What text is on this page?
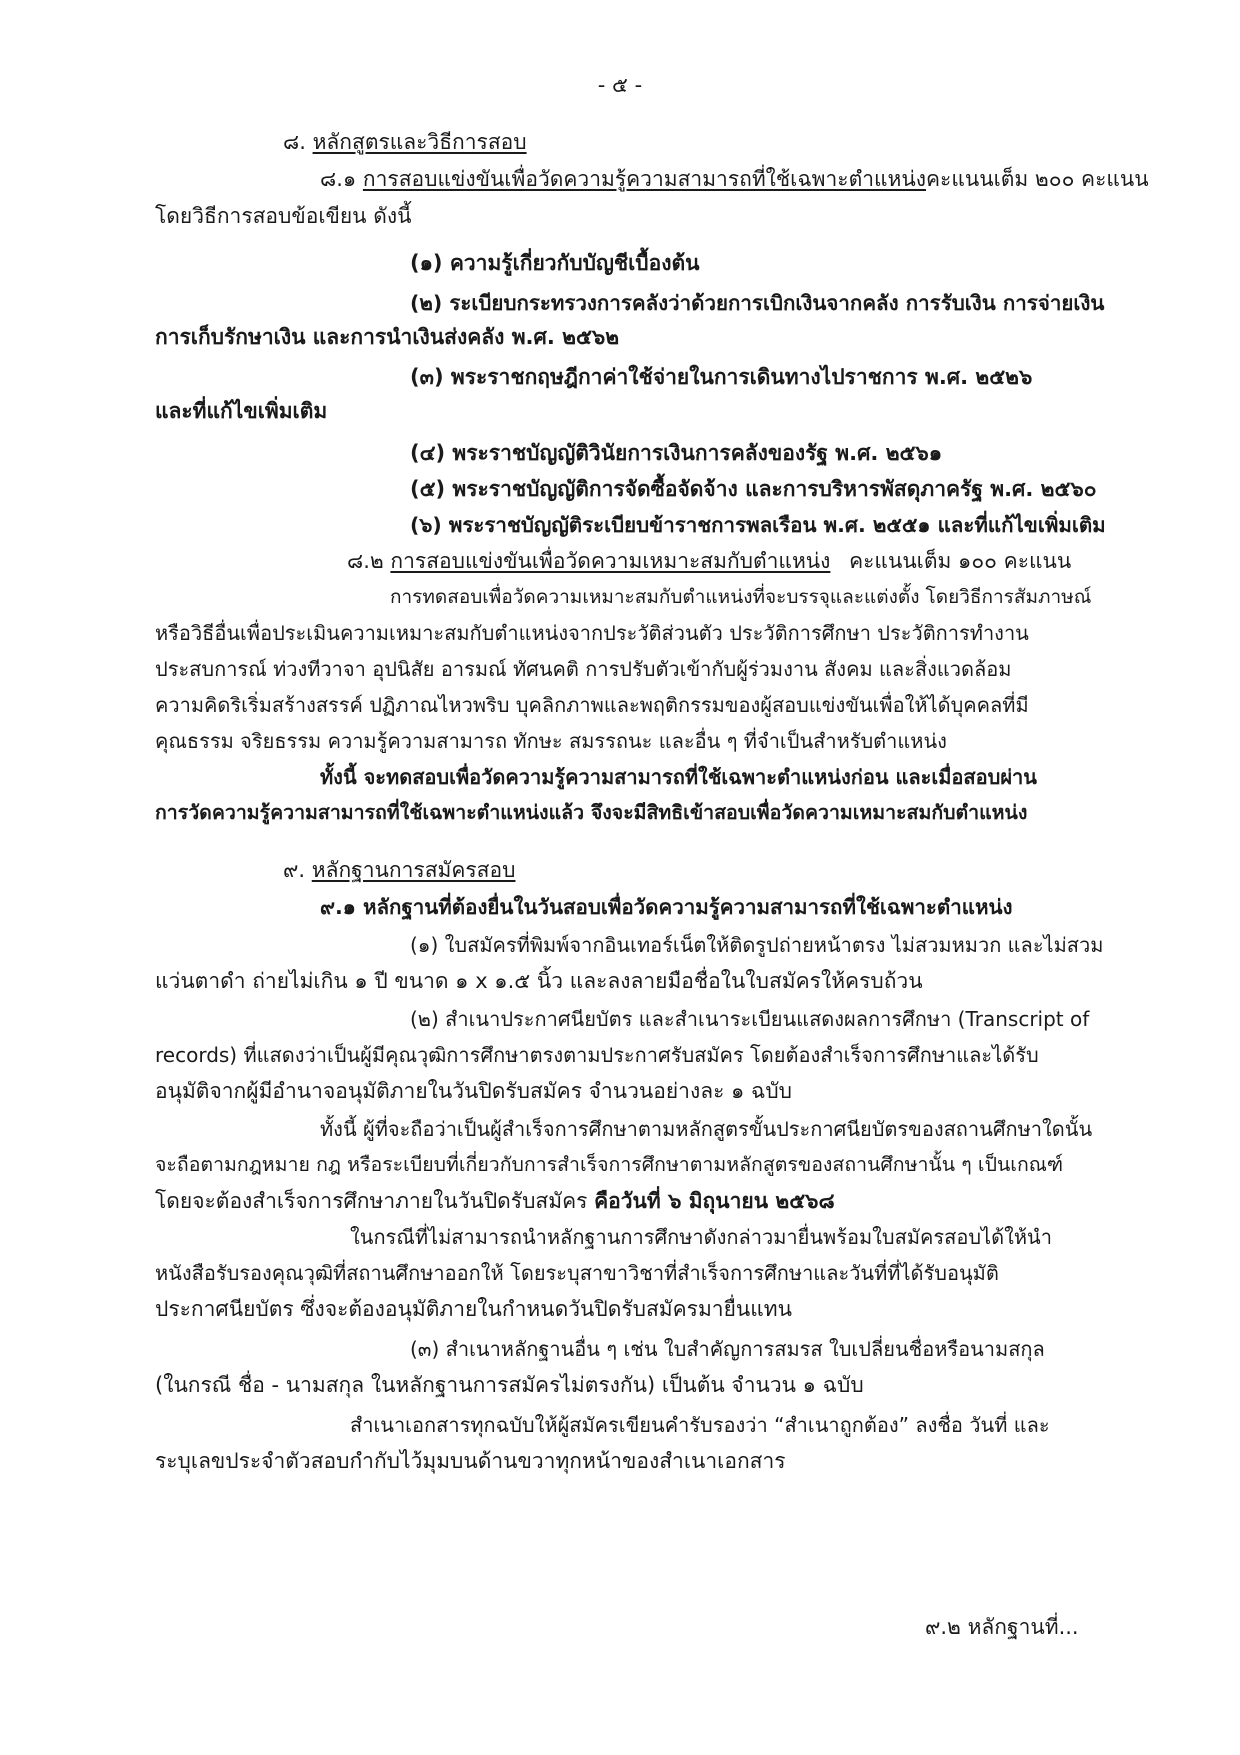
- ๕ -
๘. หลักสูตรและวิธีการสอบ
๘.๑ การสอบแข่งขันเพื่อวัดความรู้ความสามารถที่ใช้เฉพาะตำแหน่ง คะแนนเต็ม ๒๐๐ คะแนน
โดยวิธีการสอบข้อเขียน ดังนี้
(๑) ความรู้เกี่ยวกับบัญชีเบื้องต้น
(๒) ระเบียบกระทรวงการคลังว่าด้วยการเบิกเงินจากคลัง การรับเงิน การจ่ายเงิน
การเก็บรักษาเงิน และการนำเงินส่งคลัง พ.ศ. ๒๕๖๒
(๓) พระราชกฤษฎีกาค่าใช้จ่ายในการเดินทางไปราชการ พ.ศ. ๒๕๒๖
และที่แก้ไขเพิ่มเติม
(๔) พระราชบัญญัติวินัยการเงินการคลังของรัฐ พ.ศ. ๒๕๖๑
(๕) พระราชบัญญัติการจัดซื้อจัดจ้าง และการบริหารพัสดุภาครัฐ พ.ศ. ๒๕๖๐
(๖) พระราชบัญญัติระเบียบข้าราชการพลเรือน พ.ศ. ๒๕๕๑ และที่แก้ไขเพิ่มเติม
๘.๒ การสอบแข่งขันเพื่อวัดความเหมาะสมกับตำแหน่ง คะแนนเต็ม ๑๐๐ คะแนน
การทดสอบเพื่อวัดความเหมาะสมกับตำแหน่งที่จะบรรจุและแต่งตั้ง โดยวิธีการสัมภาษณ์
หรือวิธีอื่นเพื่อประเมินความเหมาะสมกับตำแหน่งจากประวัติส่วนตัว ประวัติการศึกษา ประวัติการทำงาน
ประสบการณ์ ท่วงทีวาจา อุปนิสัย อารมณ์ ทัศนคติ การปรับตัวเข้ากับผู้ร่วมงาน สังคม และสิ่งแวดล้อม
ความคิดริเริ่มสร้างสรรค์ ปฏิภาณไหวพริบ บุคลิกภาพและพฤติกรรมของผู้สอบแข่งขันเพื่อให้ได้บุคคลที่มี
คุณธรรม จริยธรรม ความรู้ความสามารถ ทักษะ สมรรถนะ และอื่น ๆ ที่จำเป็นสำหรับตำแหน่ง
ทั้งนี้ จะทดสอบเพื่อวัดความรู้ความสามารถที่ใช้เฉพาะตำแหน่งก่อน และเมื่อสอบผ่าน
การวัดความรู้ความสามารถที่ใช้เฉพาะตำแหน่งแล้ว จึงจะมีสิทธิเข้าสอบเพื่อวัดความเหมาะสมกับตำแหน่ง
๙. หลักฐานการสมัครสอบ
๙.๑ หลักฐานที่ต้องยื่นในวันสอบเพื่อวัดความรู้ความสามารถที่ใช้เฉพาะตำแหน่ง
(๑) ใบสมัครที่พิมพ์จากอินเทอร์เน็ตให้ติดรูปถ่ายหน้าตรง ไม่สวมหมวก และไม่สวม
แว่นตาดำ ถ่ายไม่เกิน ๑ ปี ขนาด ๑ x ๑.๕ นิ้ว และลงลายมือชื่อในใบสมัครให้ครบถ้วน
(๒) สำเนาประกาศนียบัตร และสำเนาระเบียนแสดงผลการศึกษา (Transcript of
records) ที่แสดงว่าเป็นผู้มีคุณวุฒิการศึกษาตรงตามประกาศรับสมัคร โดยต้องสำเร็จการศึกษาและได้รับ
อนุมัติจากผู้มีอำนาจอนุมัติภายในวันปิดรับสมัคร จำนวนอย่างละ ๑ ฉบับ
ทั้งนี้ ผู้ที่จะถือว่าเป็นผู้สำเร็จการศึกษาตามหลักสูตรขั้นประกาศนียบัตรของสถานศึกษาใดนั้น
จะถือตามกฎหมาย กฎ หรือระเบียบที่เกี่ยวกับการสำเร็จการศึกษาตามหลักสูตรของสถานศึกษานั้น ๆ เป็นเกณฑ์
โดยจะต้องสำเร็จการศึกษาภายในวันปิดรับสมัคร คือวันที่ ๖ มิถุนายน ๒๕๖๘
ในกรณีที่ไม่สามารถนำหลักฐานการศึกษาดังกล่าวมายื่นพร้อมใบสมัครสอบได้ให้นำ
หนังสือรับรองคุณวุฒิที่สถานศึกษาออกให้ โดยระบุสาขาวิชาที่สำเร็จการศึกษาและวันที่ที่ได้รับอนุมัติ
ประกาศนียบัตร ซึ่งจะต้องอนุมัติภายในกำหนดวันปิดรับสมัครมายื่นแทน
(๓) สำเนาหลักฐานอื่น ๆ เช่น ใบสำคัญการสมรส ใบเปลี่ยนชื่อหรือนามสกุล
(ในกรณี ชื่อ - นามสกุล ในหลักฐานการสมัครไม่ตรงกัน) เป็นต้น จำนวน ๑ ฉบับ
สำเนาเอกสารทุกฉบับให้ผู้สมัครเขียนคำรับรองว่า “สำเนาถูกต้อง” ลงชื่อ วันที่ และ
ระบุเลขประจำตัวสอบกำกับไว้มุมบนด้านขวาทุกหน้าของสำเนาเอกสาร
๙.๒ หลักฐานที่...
